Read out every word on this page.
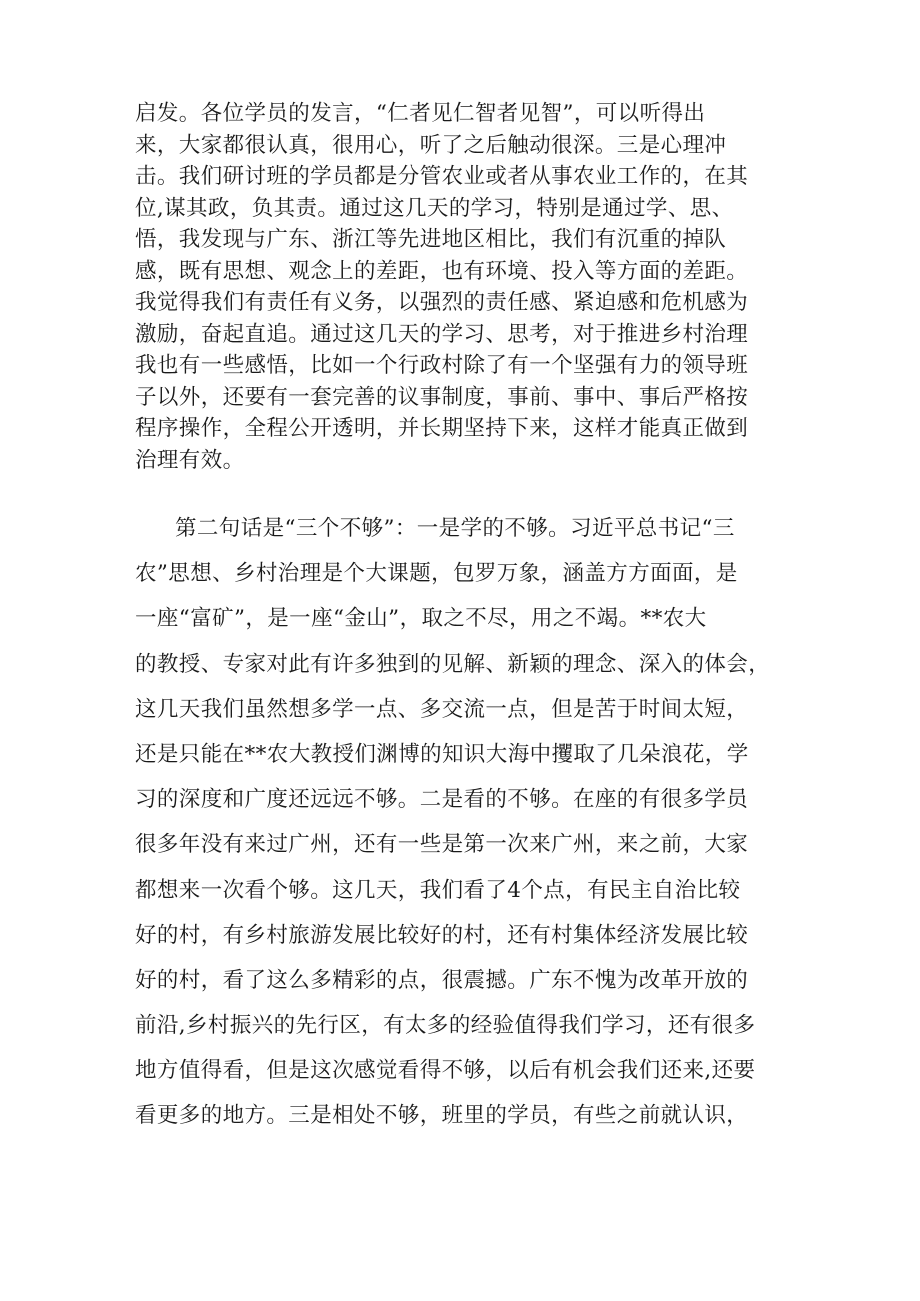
启发。各位学员的发言，“仁者见仁智者见智”，可以听得出
来，大家都很认真，很用心，听了之后触动很深。三是心理冲
击。我们研讨班的学员都是分管农业或者从事农业工作的，在其
位,谋其政，负其责。通过这几天的学习，特别是通过学、思、
悟，我发现与广东、浙江等先进地区相比，我们有沉重的掉队
感，既有思想、观念上的差距，也有环境、投入等方面的差距。
我觉得我们有责任有义务，以强烈的责任感、紧迫感和危机感为
激励，奋起直追。通过这几天的学习、思考，对于推进乡村治理
我也有一些感悟，比如一个行政村除了有一个坚强有力的领导班
子以外，还要有一套完善的议事制度，事前、事中、事后严格按
程序操作，全程公开透明，并长期坚持下来，这样才能真正做到
治理有效。
第二句话是“三个不够”：一是学的不够。习近平总书记“三
农”思想、乡村治理是个大课题，包罗万象，涵盖方方面面，是
一座“富矿”，是一座“金山”，取之不尽，用之不竭。**农大
的教授、专家对此有许多独到的见解、新颖的理念、深入的体会，
这几天我们虽然想多学一点、多交流一点，但是苦于时间太短，
还是只能在**农大教授们渊博的知识大海中攫取了几朵浪花，学
习的深度和广度还远远不够。二是看的不够。在座的有很多学员
很多年没有来过广州，还有一些是第一次来广州，来之前，大家
都想来一次看个够。这几天，我们看了4个点，有民主自治比较
好的村，有乡村旅游发展比较好的村，还有村集体经济发展比较
好的村，看了这么多精彩的点，很震撼。广东不愧为改革开放的
前沿,乡村振兴的先行区，有太多的经验值得我们学习，还有很多
地方值得看，但是这次感觉看得不够，以后有机会我们还来,还要
看更多的地方。三是相处不够，班里的学员，有些之前就认识，
